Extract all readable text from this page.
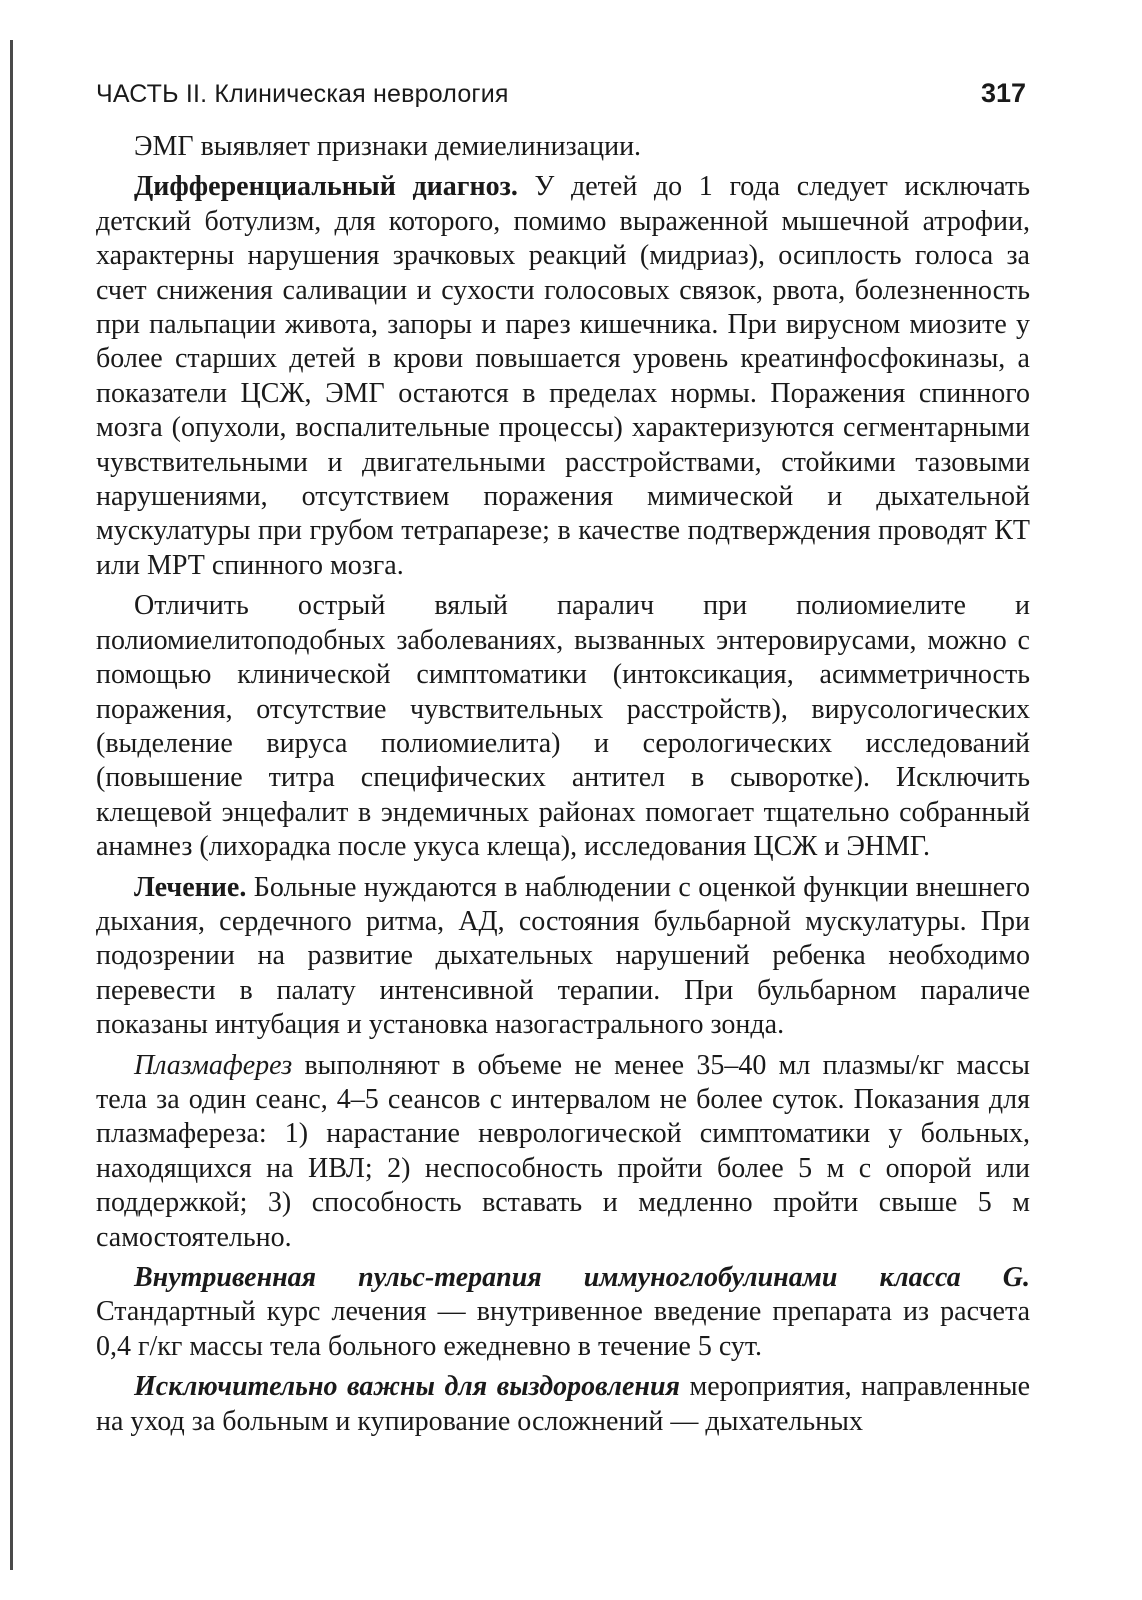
ЧАСТЬ II. Клиническая неврология	317

ЭМГ выявляет признаки демиелинизации.

Дифференциальный диагноз. У детей до 1 года следует исключать детский ботулизм, для которого, помимо выраженной мышечной атрофии, характерны нарушения зрачковых реакций (мидриаз), осиплость голоса за счет снижения саливации и сухости голосовых связок, рвота, болезненность при пальпации живота, запоры и парез кишечника. При вирусном миозите у более старших детей в крови повышается уровень креатинфосфокиназы, а показатели ЦСЖ, ЭМГ остаются в пределах нормы. Поражения спинного мозга (опухоли, воспалительные процессы) характеризуются сегментарными чувствительными и двигательными расстройствами, стойкими тазовыми нарушениями, отсутствием поражения мимической и дыхательной мускулатуры при грубом тетрапарезе; в качестве подтверждения проводят КТ или МРТ спинного мозга.

Отличить острый вялый паралич при полиомиелите и полиомиелитоподобных заболеваниях, вызванных энтеровирусами, можно с помощью клинической симптоматики (интоксикация, асимметричность поражения, отсутствие чувствительных расстройств), вирусологических (выделение вируса полиомиелита) и серологических исследований (повышение титра специфических антител в сыворотке). Исключить клещевой энцефалит в эндемичных районах помогает тщательно собранный анамнез (лихорадка после укуса клеща), исследования ЦСЖ и ЭНМГ.

Лечение. Больные нуждаются в наблюдении с оценкой функции внешнего дыхания, сердечного ритма, АД, состояния бульбарной мускулатуры. При подозрении на развитие дыхательных нарушений ребенка необходимо перевести в палату интенсивной терапии. При бульбарном параличе показаны интубация и установка назогастрального зонда.

Плазмаферез выполняют в объеме не менее 35–40 мл плазмы/кг массы тела за один сеанс, 4–5 сеансов с интервалом не более суток. Показания для плазмафереза: 1) нарастание неврологической симптоматики у больных, находящихся на ИВЛ; 2) неспособность пройти более 5 м с опорой или поддержкой; 3) способность вставать и медленно пройти свыше 5 м самостоятельно.

Внутривенная пульс-терапия иммуноглобулинами класса G. Стандартный курс лечения — внутривенное введение препарата из расчета 0,4 г/кг массы тела больного ежедневно в течение 5 сут.

Исключительно важны для выздоровления мероприятия, направленные на уход за больным и купирование осложнений — дыхательных
